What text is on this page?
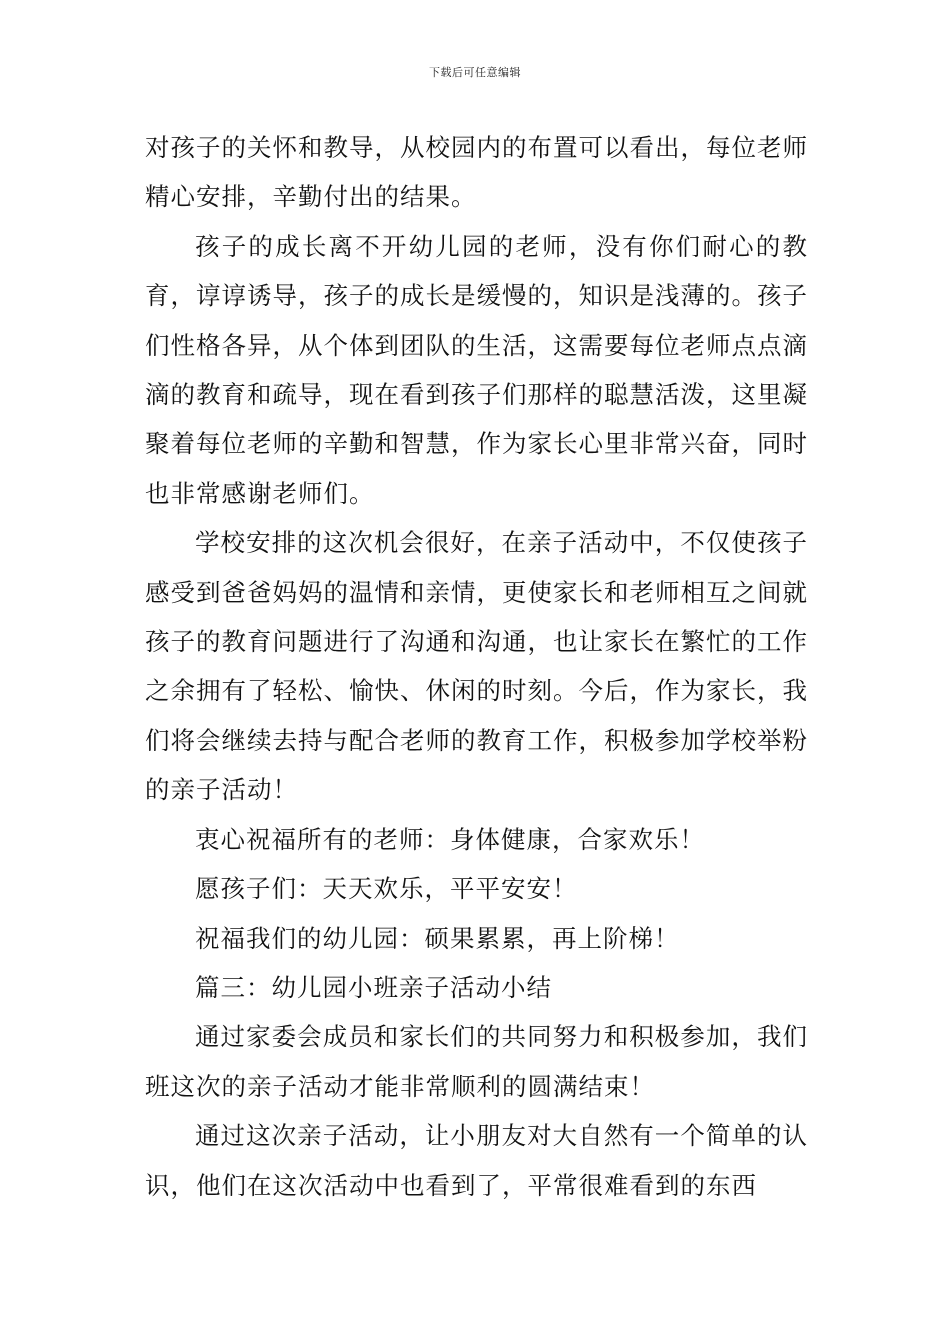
下载后可任意编辑

对孩子的关怀和教导，从校园内的布置可以看出，每位老师精心安排，辛勤付出的结果。

孩子的成长离不开幼儿园的老师，没有你们耐心的教育，谆谆诱导，孩子的成长是缓慢的，知识是浅薄的。孩子们性格各异，从个体到团队的生活，这需要每位老师点点滴滴的教育和疏导，现在看到孩子们那样的聪慧活泼，这里凝聚着每位老师的辛勤和智慧，作为家长心里非常兴奋，同时也非常感谢老师们。

学校安排的这次机会很好，在亲子活动中，不仅使孩子感受到爸爸妈妈的温情和亲情，更使家长和老师相互之间就孩子的教育问题进行了沟通和沟通，也让家长在繁忙的工作之余拥有了轻松、愉快、休闲的时刻。今后，作为家长，我们将会继续去持与配合老师的教育工作，积极参加学校举粉的亲子活动！

衷心祝福所有的老师：身体健康，合家欢乐！

愿孩子们：天天欢乐，平平安安！

祝福我们的幼儿园：硕果累累，再上阶梯！

篇三：幼儿园小班亲子活动小结

通过家委会成员和家长们的共同努力和积极参加，我们班这次的亲子活动才能非常顺利的圆满结束！

通过这次亲子活动，让小朋友对大自然有一个简单的认识，他们在这次活动中也看到了，平常很难看到的东西
